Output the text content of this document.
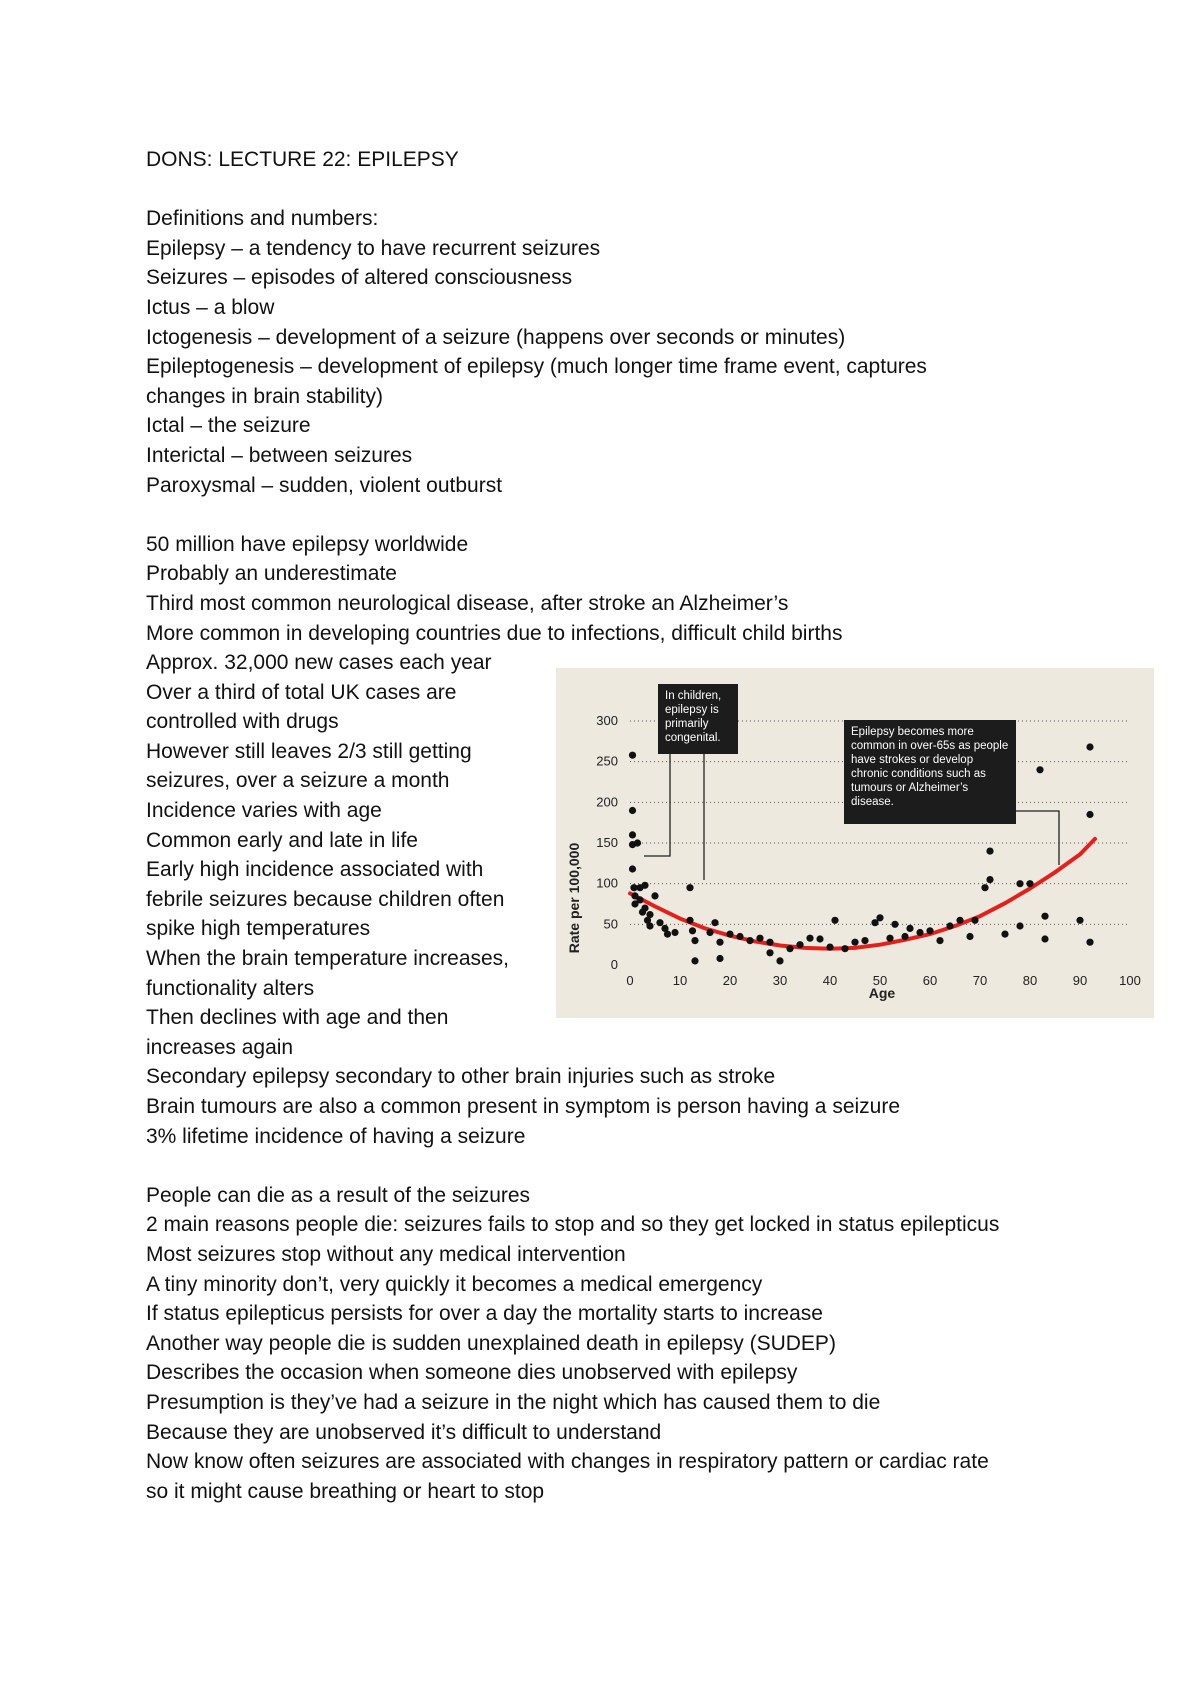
DONS: LECTURE 22: EPILEPSY
Definitions and numbers:
Epilepsy – a tendency to have recurrent seizures
Seizures – episodes of altered consciousness
Ictus – a blow
Ictogenesis – development of a seizure (happens over seconds or minutes)
Epileptogenesis – development of epilepsy (much longer time frame event, captures
changes in brain stability)
Ictal – the seizure
Interictal – between seizures
Paroxysmal – sudden, violent outburst
50 million have epilepsy worldwide
Probably an underestimate
Third most common neurological disease, after stroke an Alzheimer’s
More common in developing countries due to infections, difficult child births
Approx. 32,000 new cases each year
Over a third of total UK cases are
controlled with drugs
However still leaves 2/3 still getting
seizures, over a seizure a month
Incidence varies with age
Common early and late in life
Early high incidence associated with
febrile seizures because children often
spike high temperatures
When the brain temperature increases,
functionality alters
Then declines with age and then
increases again
Secondary epilepsy secondary to other brain injuries such as stroke
Brain tumours are also a common present in symptom is person having a seizure
3% lifetime incidence of having a seizure
People can die as a result of the seizures
2 main reasons people die: seizures fails to stop and so they get locked in status epilepticus
Most seizures stop without any medical intervention
A tiny minority don’t, very quickly it becomes a medical emergency
If status epilepticus persists for over a day the mortality starts to increase
Another way people die is sudden unexplained death in epilepsy (SUDEP)
Describes the occasion when someone dies unobserved with epilepsy
Presumption is they’ve had a seizure in the night which has caused them to die
Because they are unobserved it’s difficult to understand
Now know often seizures are associated with changes in respiratory pattern or cardiac rate
so it might cause breathing or heart to stop
0
50
100
150
200
250
300
0	10	20	30	40	50	60	70	80	90 100
Age
Rate per 100,000
In children, epilepsy is primarily congenital.	Epilepsy becomes more common in over-65s as people have strokes or develop chronic conditions such as tumours or Alzheimer’s disease.
